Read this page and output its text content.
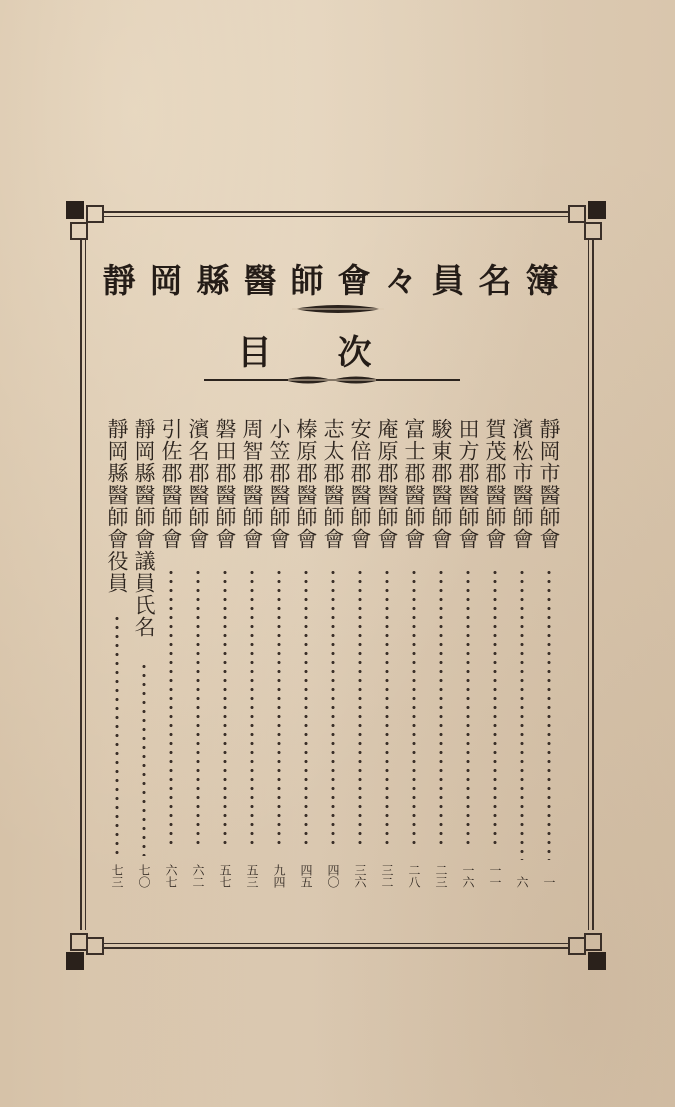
靜岡縣醫師會々員名簿
目次
靜岡市醫師會
一
濱松市醫師會
六
賀茂郡醫師會
一一
田方郡醫師會
一六
駿東郡醫師會
二三
富士郡醫師會
二八
庵原郡醫師會
三二
安倍郡醫師會
三六
志太郡醫師會
四〇
榛原郡醫師會
四五
小笠郡醫師會
九四
周智郡醫師會
五三
磐田郡醫師會
五七
濱名郡醫師會
六二
引佐郡醫師會
六七
靜岡縣醫師會議員氏名
七〇
靜岡縣醫師會役員
七三
